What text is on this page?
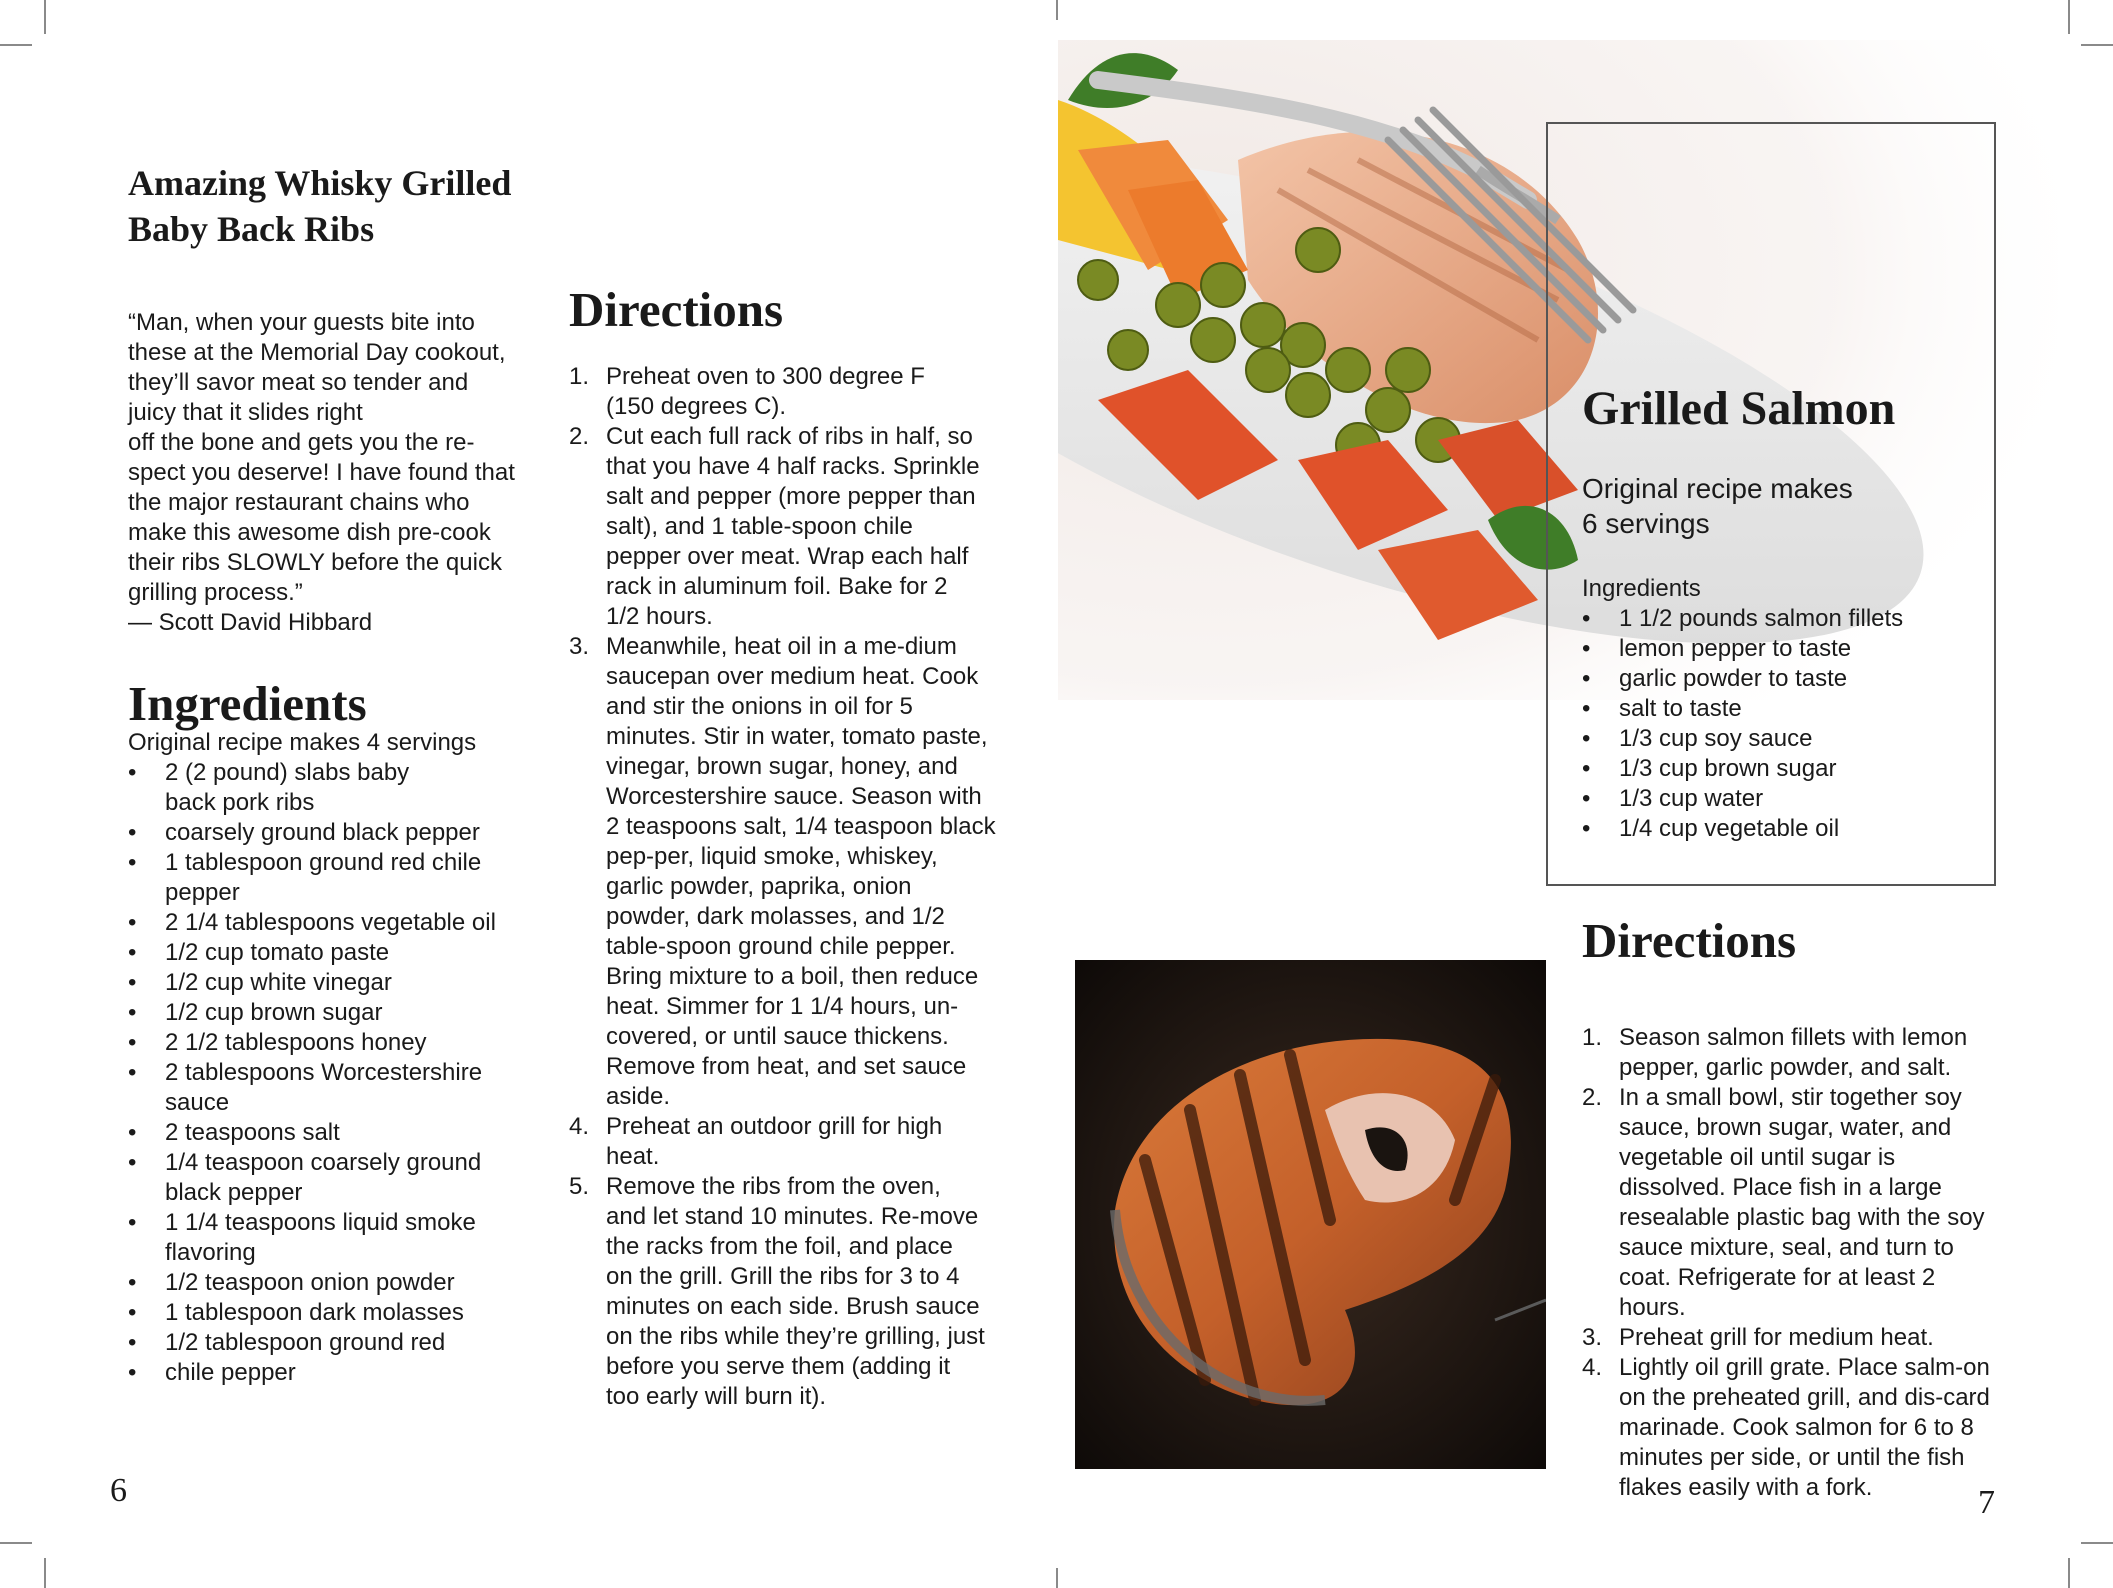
Amazing Whisky Grilled
Baby Back Ribs
“Man, when your guests bite into
these at the Memorial Day cookout,
they’ll savor meat so tender and
juicy that it slides right
off the bone and gets you the re-
spect you deserve! I have found that
the major restaurant chains who
make this awesome dish pre-cook
their ribs SLOWLY before the quick
grilling process.”
— Scott David Hibbard
Ingredients
Original recipe makes 4 servings
• 2 (2 pound) slabs baby back pork ribs
• coarsely ground black pepper
• 1 tablespoon ground red chile pepper
• 2 1/4 tablespoons vegetable oil
• 1/2 cup tomato paste
• 1/2 cup white vinegar
• 1/2 cup brown sugar
• 2 1/2 tablespoons honey
• 2 tablespoons Worcestershire sauce
• 2 teaspoons salt
• 1/4 teaspoon coarsely ground black pepper
• 1 1/4 teaspoons liquid smoke flavoring
• 1/2 teaspoon onion powder
• 1 tablespoon dark molasses
• 1/2 tablespoon ground red
• chile pepper
Directions
1. Preheat oven to 300 degree F (150 degrees C).
2. Cut each full rack of ribs in half, so that you have 4 half racks. Sprinkle salt and pepper (more pepper than salt), and 1 table-spoon chile pepper over meat. Wrap each half rack in aluminum foil. Bake for 2 1/2 hours.
3. Meanwhile, heat oil in a me-dium saucepan over medium heat. Cook and stir the onions in oil for 5 minutes. Stir in water, tomato paste, vinegar, brown sugar, honey, and Worcestershire sauce. Season with 2 teaspoons salt, 1/4 teaspoon black pep-per, liquid smoke, whiskey, garlic powder, paprika, onion powder, dark molasses, and 1/2 table-spoon ground chile pepper. Bring mixture to a boil, then reduce heat. Simmer for 1 1/4 hours, un-covered, or until sauce thickens. Remove from heat, and set sauce aside.
4. Preheat an outdoor grill for high heat.
5. Remove the ribs from the oven, and let stand 10 minutes. Re-move the racks from the foil, and place on the grill. Grill the ribs for 3 to 4 minutes on each side. Brush sauce on the ribs while they’re grilling, just before you serve them (adding it too early will burn it).
6
Grilled Salmon
Original recipe makes
6 servings
Ingredients
• 1 1/2 pounds salmon fillets
• lemon pepper to taste
• garlic powder to taste
• salt to taste
• 1/3 cup soy sauce
• 1/3 cup brown sugar
• 1/3 cup water
• 1/4 cup vegetable oil
Directions
1. Season salmon fillets with lemon pepper, garlic powder, and salt.
2. In a small bowl, stir together soy sauce, brown sugar, water, and vegetable oil until sugar is dissolved. Place fish in a large resealable plastic bag with the soy sauce mixture, seal, and turn to coat. Refrigerate for at least 2 hours.
3. Preheat grill for medium heat.
4. Lightly oil grill grate. Place salm-on on the preheated grill, and dis-card marinade. Cook salmon for 6 to 8 minutes per side, or until the fish flakes easily with a fork.	7
